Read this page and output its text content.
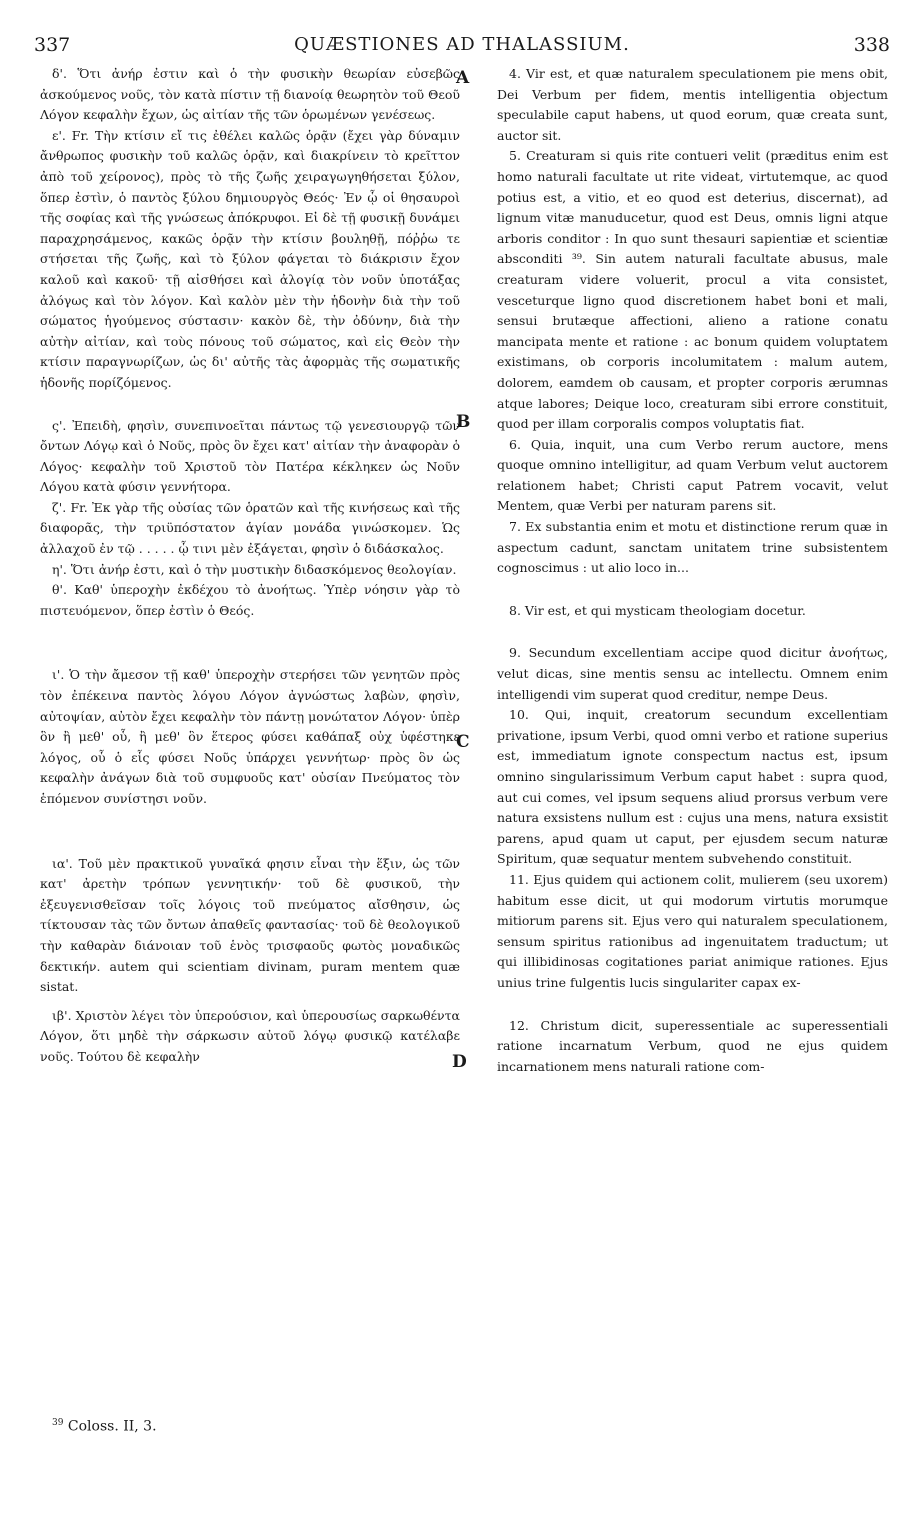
337	QUÆSTIONES AD THALASSIUM.	338
A
B
C
D

δ'. Ὅτι ἀνήρ ἐστιν καὶ ὁ τὴν φυσικὴν θεωρίαν εὐσεβῶς ἀσκούμενος νοῦς, τὸν κατὰ πίστιν τῇ διανοίᾳ θεωρητὸν τοῦ Θεοῦ Λόγον κεφαλὴν ἔχων, ὡς αἰτίαν τῆς τῶν ὁρωμένων γενέσεως.

ε'. Fr. Τὴν κτίσιν εἴ τις ἐθέλει καλῶς ὁρᾷν (ἔχει γὰρ δύναμιν ἄνθρωπος φυσικὴν τοῦ καλῶς ὁρᾷν, καὶ διακρίνειν τὸ κρεῖττον ἀπὸ τοῦ χείρονος), πρὸς τὸ τῆς ζωῆς χειραγωγηθήσεται ξύλον, ὅπερ ἐστὶν, ὁ παντὸς ξύλου δημιουργὸς Θεός· Ἐν ᾧ οἱ θησαυροὶ τῆς σοφίας καὶ τῆς γνώσεως ἀπόκρυφοι. Εἰ δὲ τῇ φυσικῇ δυνάμει παραχρησάμενος, κακῶς ὁρᾷν τὴν κτίσιν βουληθῇ, πόῤῥω τε στήσεται τῆς ζωῆς, καὶ τὸ ξύλον φάγεται τὸ διάκρισιν ἔχον καλοῦ καὶ κακοῦ· τῇ αἰσθήσει καὶ ἀλογίᾳ τὸν νοῦν ὑποτάξας ἀλόγως καὶ τὸν λόγον. Καὶ καλὸν μὲν τὴν ἡδονὴν διὰ τὴν τοῦ σώματος ἡγούμενος σύστασιν· κακὸν δὲ, τὴν ὀδύνην, διὰ τὴν αὐτὴν αἰτίαν, καὶ τοὺς πόνους τοῦ σώματος, καὶ εἰς Θεὸν τὴν κτίσιν παραγνωρίζων, ὡς δι' αὐτῆς τὰς ἀφορμὰς τῆς σωματικῆς ἡδονῆς πορίζόμενος.

ς'. Ἐπειδὴ, φησὶν, συνεπινοεῖται πάντως τῷ γενεσιουργῷ τῶν ὄντων Λόγῳ καὶ ὁ Νοῦς, πρὸς ὃν ἔχει κατ' αἰτίαν τὴν ἀναφορὰν ὁ Λόγος· κεφαλὴν τοῦ Χριστοῦ τὸν Πατέρα κέκληκεν ὡς Νοῦν Λόγου κατὰ φύσιν γεννήτορα.

ζ'. Fr. Ἐκ γὰρ τῆς οὐσίας τῶν ὁρατῶν καὶ τῆς κινήσεως καὶ τῆς διαφορᾶς, τὴν τριϋπόστατον ἁγίαν μονάδα γινώσκομεν. Ὡς ἀλλαχοῦ ἐν τῷ . . . . . ᾧ τινι μὲν ἐξάγεται, φησὶν ὁ διδάσκαλος.

η'. Ὅτι ἀνήρ ἐστι, καὶ ὁ τὴν μυστικὴν διδασκόμενος θεολογίαν.

θ'. Καθ' ὑπεροχὴν ἐκδέχου τὸ ἀνοήτως. Ὑπὲρ νόησιν γὰρ τὸ πιστευόμενον, ὅπερ ἐστὶν ὁ Θεός.

ι'. Ὁ τὴν ἄμεσον τῇ καθ' ὑπεροχὴν στερήσει τῶν γενητῶν πρὸς τὸν ἐπέκεινα παντὸς λόγου Λόγον ἀγνώστως λαβὼν, φησὶν, αὐτοψίαν, αὐτὸν ἔχει κεφαλὴν τὸν πάντῃ μονώτατον Λόγον· ὑπὲρ ὃν ἢ μεθ' οὗ, ἢ μεθ' ὃν ἕτερος φύσει καθάπαξ οὐχ ὑφέστηκε λόγος, οὗ ὁ εἷς φύσει Νοῦς ὑπάρχει γεννήτωρ· πρὸς ὃν ὡς κεφαλὴν ἀνάγων διὰ τοῦ συμφυοῦς κατ' οὐσίαν Πνεύματος τὸν ἑπόμενον συνίστησι νοῦν.

ια'. Τοῦ μὲν πρακτικοῦ γυναῖκά φησιν εἶναι τὴν ἕξιν, ὡς τῶν κατ' ἀρετὴν τρόπων γεννητικήν· τοῦ δὲ φυσικοῦ, τὴν ἐξευγενισθεῖσαν τοῖς λόγοις τοῦ πνεύματος αἴσθησιν, ὡς τίκτουσαν τὰς τῶν ὄντων ἀπαθεῖς φαντασίας· τοῦ δὲ θεολογικοῦ τὴν καθαρὰν διάνοιαν τοῦ ἑνὸς τρισφαοῦς φωτὸς μοναδικῶς δεκτικήν. autem qui scientiam divinam, puram mentem quæ sistat.

ιβ'. Χριστὸν λέγει τὸν ὑπερούσιον, καὶ ὑπερουσίως σαρκωθέντα Λόγον, ὅτι μηδὲ τὴν σάρκωσιν αὐτοῦ λόγῳ φυσικῷ κατέλαβε νοῦς. Τούτου δὲ κεφαλὴν

4. Vir est, et quæ naturalem speculationem pie mens obit, Dei Verbum per fidem, mentis intelligentia objectum speculabile caput habens, ut quod eorum, quæ creata sunt, auctor sit.

5. Creaturam si quis rite contueri velit (præditus enim est homo naturali facultate ut rite videat, virtutemque, ac quod potius est, a vitio, et eo quod est deterius, discernat), ad lignum vitæ manuducetur, quod est Deus, omnis ligni atque arboris conditor : In quo sunt thesauri sapientiæ et scientiæ absconditi ³⁹. Sin autem naturali facultate abusus, male creaturam videre voluerit, procul a vita consistet, vesceturque ligno quod discretionem habet boni et mali, sensui brutæque affectioni, alieno a ratione conatu mancipata mente et ratione : ac bonum quidem voluptatem existimans, ob corporis incolumitatem : malum autem, dolorem, eamdem ob causam, et propter corporis ærumnas atque labores; Deique loco, creaturam sibi errore constituit, quod per illam corporalis compos voluptatis fiat.

6. Quia, inquit, una cum Verbo rerum auctore, mens quoque omnino intelligitur, ad quam Verbum velut auctorem relationem habet; Christi caput Patrem vocavit, velut Mentem, quæ Verbi per naturam parens sit.

7. Ex substantia enim et motu et distinctione rerum quæ in aspectum cadunt, sanctam unitatem trine subsistentem cognoscimus : ut alio loco in...

8. Vir est, et qui mysticam theologiam docetur.

9. Secundum excellentiam accipe quod dicitur ἀνοήτως, velut dicas, sine mentis sensu ac intellectu. Omnem enim intelligendi vim superat quod creditur, nempe Deus.

10. Qui, inquit, creatorum secundum excellentiam privatione, ipsum Verbi, quod omni verbo et ratione superius est, immediatum ignote conspectum nactus est, ipsum omnino singularissimum Verbum caput habet : supra quod, aut cui comes, vel ipsum sequens aliud prorsus verbum vere natura exsistens nullum est : cujus una mens, natura exsistit parens, apud quam ut caput, per ejusdem secum naturæ Spiritum, quæ sequatur mentem subvehendo constituit.

11. Ejus quidem qui actionem colit, mulierem (seu uxorem) habitum esse dicit, ut qui modorum virtutis morumque mitiorum parens sit. Ejus vero qui naturalem speculationem, sensum spiritus rationibus ad ingenuitatem traductum; ut qui illibidinosas cogitationes pariat animique rationes. Ejus unius trine fulgentis lucis singulariter capax ex-

12. Christum dicit, superessentiale ac superessentiali ratione incarnatum Verbum, quod ne ejus quidem incarnationem mens naturali ratione com-

$^{39}$ Coloss. II, 3.
